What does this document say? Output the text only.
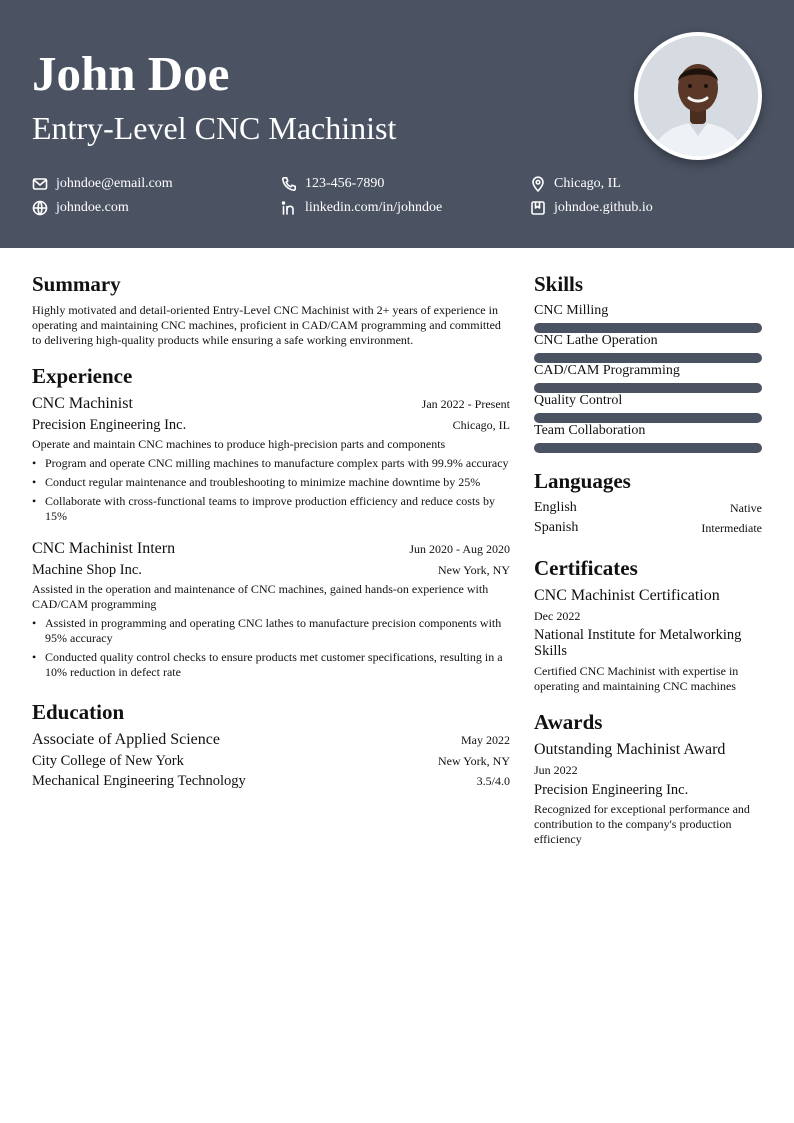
John Doe
Entry-Level CNC Machinist
johndoe@email.com	123-456-7890	Chicago, IL
johndoe.com	linkedin.com/in/johndoe	johndoe.github.io
Summary
Highly motivated and detail-oriented Entry-Level CNC Machinist with 2+ years of experience in operating and maintaining CNC machines, proficient in CAD/CAM programming and committed to delivering high-quality products while ensuring a safe working environment.
Experience
CNC Machinist	Jan 2022 - Present
Precision Engineering Inc.	Chicago, IL
Operate and maintain CNC machines to produce high-precision parts and components
• Program and operate CNC milling machines to manufacture complex parts with 99.9% accuracy
• Conduct regular maintenance and troubleshooting to minimize machine downtime by 25%
• Collaborate with cross-functional teams to improve production efficiency and reduce costs by 15%
CNC Machinist Intern	Jun 2020 - Aug 2020
Machine Shop Inc.	New York, NY
Assisted in the operation and maintenance of CNC machines, gained hands-on experience with CAD/CAM programming
• Assisted in programming and operating CNC lathes to manufacture precision components with 95% accuracy
• Conducted quality control checks to ensure products met customer specifications, resulting in a 10% reduction in defect rate
Education
Associate of Applied Science	May 2022
City College of New York	New York, NY
Mechanical Engineering Technology	3.5/4.0
Skills
CNC Milling
CNC Lathe Operation
CAD/CAM Programming
Quality Control
Team Collaboration
Languages
English	Native
Spanish	Intermediate
Certificates
CNC Machinist Certification
Dec 2022
National Institute for Metalworking Skills
Certified CNC Machinist with expertise in operating and maintaining CNC machines
Awards
Outstanding Machinist Award
Jun 2022
Precision Engineering Inc.
Recognized for exceptional performance and contribution to the company's production efficiency
